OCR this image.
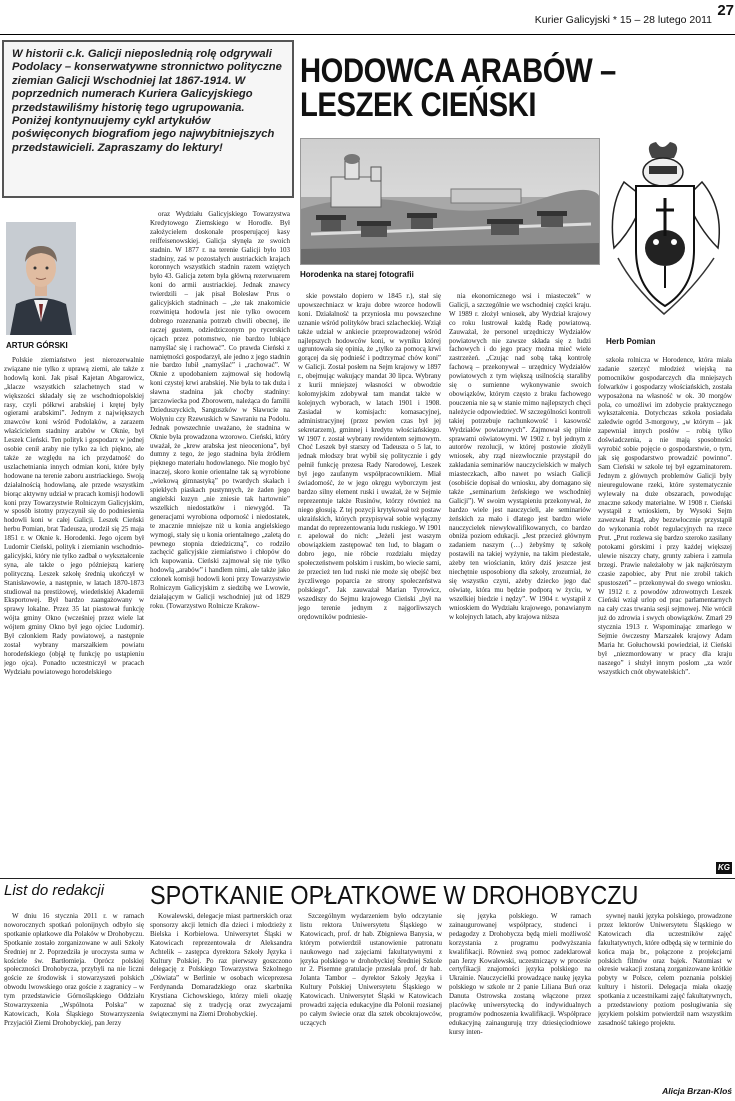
Kurier Galicyjski * 15 – 28 lutego 2011
27
W historii c.k. Galicji nieposlednią rolę odgrywali Podolacy – konserwatywne stronnictwo polityczne ziemian Galicji Wschodniej lat 1867-1914. W poprzednich numerach Kuriera Galicyjskiego przedstawiliśmy historię tego ugrupowania. Poniżej kontynuujemy cykl artykułów poświęconych biografiom jego najwybitniejszych przedstawicieli. Zapraszamy do lektury!
HODOWCA ARABÓW – LESZEK CIEŃSKI
Horodenka na starej fotografii
Herb Pomian
ARTUR GÓRSKI

Polskie ziemiaństwo jest nierozerwalnie związane nie tylko z uprawą ziemi, ale także z hodowlą koni. Jak pisał Kajetan Abgarowicz, „klacze wszystkich szlachetnych stad w większości składały się ze wschodniopolskiej rasy, czyli półkrwi arabskiej i krętej były ogierami arabskimi”. Jednym z największych znawców koni wśród Podolaków, a zarazem właścicielem stadniny arabów w Oknie, był Leszek Cieński. Ten polityk i gospodarz w jednej osobie cenił araby nie tylko za ich piękno, ale także ze względu na ich przydatność do uszlachetniania innych odmian koni, które były hodowane na terenie zaboru austriackiego. Swoją działalnością hodowlaną, ale przede wszystkim biorąc aktywny udział w pracach komisji hodowli koni przy Towarzystwie Rolniczym Galicyjskim, w sposób istotny przyczynił się do podniesienia hodowli koni w całej Galicji. Leszek Cieński herbu Pomian, brat Tadeusza, urodził się 25 maja 1851 r. w Oknie k. Horodenki. Jego ojcem był Ludomir Cieński, polityk i ziemianin wschodnio-galicyjski, który nie tylko zadbał o wykształcenie syna, ale także o jego późniejszą karierę polityczną. Leszek szkołę średnią ukończył w Stanisławowie, a następnie, w latach 1870-1873 studiował na prestiżowej, wiedeńskiej Akademii Eksportowej. Był bardzo zaangażowany w sprawy lokalne. Przez 35 lat piastował funkcję wójta gminy Okno (wcześniej przez wiele lat wójtem gminy Okno był jego ojciec Ludomir). Był członkiem Rady powiatowej, a następnie został wybrany marszałkiem powiatu horodeńskiego (objął tę funkcję po ustąpieniu jego ojca). Ponadto uczestniczył w pracach Wydziału powiatowego horodelskiego

oraz Wydziału Galicyjskiego Towarzystwa Kredytowego Ziemskiego w Horodle. Był założycielem doskonale prosperującej kasy reiffeisenowskiej. Galicja słynęła ze swoich stadnin. W 1877 r. na terenie Galicji było 103 stadniny, zaś w pozostałych austriackich krajach koronnych wszystkich stadnin razem wziętych było 43. Galicja zetem była główną rezerwuarem koni do armii austriackiej. Jednak znawcy twierdzili – jak pisał Bolesław Prus o galicyjskich stadninach – „że tak znakomicie rozwinięta hodowla jest nie tylko owocem dobrego rozeznania potrzeb chwili obecnej, ile raczej gustem, odziedziczonym po rycerskich ojcach przez potomstwo, nie bardzo lubiące namyślać się i rachować”. Co prawda Cieński z namiętności gospodarzył, ale jedno z jego stadnin nie bardzo lubił „namyślać” i „rachować”. W Oknie z upodobaniem zajmował się hodowlą koni czystej krwi arabskiej. Nie była to tak duża i sławna stadnina jak choćby stadniny: jarczowiecka pod Zborowem, należąca do familii Dzieduszyckich, Sanguszków w Sławucie na Wołyniu czy Rzewuskich w Sawraniu na Podolu. Jednak powszechnie uważano, że stadnina w Oknie była prowadzona wzorowo. Cieński, który uważał, że „krew arabska jest nieoceniona”, był dumny z tego, że jego stadnina była źródłem pięknego materiału hodowlanego. Nie mogło być inaczej, skoro konie orientalne tak są wyrobione „wiekową gimnastyką” po twardych skałach i spiekłych piaskach pustynnych, że żaden jego angielski kuzyn „nie zniesie tak hartownie” wszelkich niedostatków i niewygód. Ta generacjami wyrobiona odporność i niedostatek, te znacznie mniejsze niż u konia angielskiego wymogi, stały się u konia orientalnego „zaletą do pewnego stopnia dziedziczną”, co rodziło zachęcić galicyjskie ziemiaństwo i chłopów do ich kupowania. Cieński zajmował się nie tylko hodowlą „arabów” i handlem nimi, ale także jako członek komisji hodowli koni przy Towarzystwie Rolniczym Galicyjskim z siedzibą we Lwowie, działającym w Galicji wschodniej już od 1829 roku. (Towarzystwo Rolnicze Krakow-

skie powstało dopiero w 1845 r.), stał się upowszechniacz w kraju dobre wzorce hodowli koni. Działalność ta przyniosła mu powszechne uznanie wśród polityków braci szlacheckiej. Wziął także udział w ankiecie przeprowadzonej wśród najlepszych hodowców koni, w wyniku której ugruntowała się opinia, że „tylko za pomocą krwi gorącej da się podnieść i podtrzymać chów koni” w Galicji. Został posłem na Sejm krajowy w 1897 r., obejmując wakujący mandat 30 lipca. Wybrany z kurii mniejszej własności w obwodzie kołomyjskim zdobywał tam mandat także w kolejnych wyborach, w latach 1901 i 1908. Zasiadał w komisjach: komasacyjnej, administracyjnej (przez pewien czas był jej sekretarzem), gminnej i kredytu włościańskiego. W 1907 r. został wybrany rewidentem sejmowym. Choć Leszek był starszy od Tadeusza o 5 lat, to jednak młodszy brat wybił się politycznie i gdy pełnił funkcję prezesa Rady Narodowej, Leszek był jego zaufanym współpracownikiem. Miał świadomość, że w jego okręgu wyborczym jest bardzo silny element ruski i uważał, że w Sejmie reprezentuje także Rusinów, którzy również na niego głosują. Z tej pozycji krytykował też postaw ukraińskich, których przypisywał sobie wyłączny mandat do reprezentowania ludu ruskiego. W 1901 r. apelował do nich: „Jeżeli jest waszym obowiązkiem zastępować ten lud, to błagam o dobro jego, nie róbcie rozdziału między społeczeństwem polskim i ruskim, bo wiecie sami, że przecież ten lud ruski nie może się obejść bez życzliwego poparcia ze strony społeczeństwa polskiego”. Jak zauważał Marian Tyrowicz, wszedłszy do Sejmu krajowego Cieński „był na jego terenie jednym z najgorliwszych orędowników podniesie-

nia ekonomicznego wsi i miasteczek” w Galicji, a szczególnie we wschodniej części kraju. W 1989 r. złożył wniosek, aby Wydział krajowy co roku lustrował każdą Radę powiatową. Zauważał, że personel urzędniczy Wydziałów powiatowych nie zawsze składa się z ludzi fachowych i do jego pracy można mieć wiele zastrzeżeń. „Czując nad sobą taką kontrolę fachową – przekonywał – urzędnicy Wydziałów powiatowych z tym większą usilnością staraliby się o sumienne wykonywanie swoich obowiązków, którym często z braku fachowego pouczenia nie są w stanie mimo najlepszych chęci należycie odpowiedzieć. W szczególności kontroli takiej potrzebuje rachunkowość i kasowość Wydziałów powiatowych”. Zajmował się pilnie sprawami oświatowymi. W 1902 r. był jednym z autorów rezolucji, w której postowie złożyli wniosek, aby rząd niezwłocznie przystąpił do zakładania seminariów nauczycielskich w małych miasteczkach, albo nawet po wsiach Galicji (osobiście dopisał do wniosku, aby domagano się także „seminarium żeńskiego we wschodniej Galicji”). W swoim wystąpieniu przekonywał, że bardzo wiele jest nauczycieli, ale seminariów żeńskich za mało i dlatego jest bardzo wiele nauczycielek niewykwalifikowanych, co bardzo obniża poziom edukacji. „Jest przecież głównym zadaniem naszym (…) żebyśmy tę szkołę postawili na takiej wyżynie, na takim piedestale, ażeby ten wiościanin, który dziś jeszcze jest niechętnie usposobiony dla szkoły, zrozumiał, że się wszystko czyni, ażeby dziecko jego dać oświatę, która mu będzie podporą w życiu, w wszelkiej biedzie i nędzy”. W 1904 r. wystąpił z wnioskiem do Wydziału krajowego, ponawianym w kolejnych latach, aby krajowa niższa

szkoła rolnicza w Horodence, która miała zadanie szerzyć młodzież wiejską na pomocników gospodarczych dla mniejszych folwarków i gospodarzy włościańskich, została wyposażona na własność w ok. 30 morgów pola, co umożliwi im zdobycie praktycznego wykształcenia. Dotychczas szkoła posiadała zaledwie ogród 3-morgowy, „w którym – jak zapewniał innych posłów – robią tylko doświadczenia, a nie mają sposobności wyrobić sobie pojęcie o gospodarstwie, o tym, jak się gospodarstwo prowadzić powinno”. Sam Cieński w szkole tej był egzaminatorem. Jednym z głównych problemów Galicji były nieuregulowane rzeki, które systematycznie wylewały na duże obszarach, powodując znaczne szkody materialne. W 1908 r. Cieński wystąpił z wnioskiem, by Wysoki Sejm zawezwał Rząd, aby bezzwłocznie przystąpił do wykonania robót regulacyjnych na rzece Prut. „Prut rozlewa się bardzo szeroko zasilany potokami górskimi i przy każdej większej ulewie niszczy chaty, grunty zabiera i zamula brzegi. Prawie należałoby w jak najkrótszym czasie zapobiec, aby Prut nie zrobił takich spustoszeń” – przekonywał do swego wniosku. W 1912 r. z powodów zdrowotnych Leszek Cieński wziął urlop od prac parlamentarnych na cały czas trwania sesji sejmowej. Nie wrócił już do zdrowia i swych obowiązków. Zmarł 29 stycznia 1913 r. Wspominając zmarłego w Sejmie ówczesny Marszałek krajowy Adam Maria hr. Gołuchowski powiedział, iż Cieński był „niezmordowany w pracy dla kraju naszego” i służył innym posłom „za wzór wszystkich cnót obywatelskich”.

KG
List do redakcji	SPOTKANIE OPŁATKOWE W DROHOBYCZU

W dniu 16 stycznia 2011 r. w ramach noworocznych spotkań polonijnych odbyło się spotkanie opłatkowe dla Polaków w Drohobyczu. Spotkanie zostało zorganizowane w auli Szkoły Średniej nr 2. Poprzedziła je uroczysta suma w kościele św. Bartłomieja. Oprócz polskiej społeczności Drohobycza, przybyli na nie liczni goście ze środowisk i stowarzyszeń polskich obwodu lwowskiego oraz goście z zagranicy – w tym przedstawicie Górnośląskiego Oddziału Stowarzyszenia „Wspólnota Polska” w Katowicach, Koła Śląskiego Stowarzyszenia Przyjaciół Ziemi Drohobyckiej, pan Jerzy

Kowalewski, delegacje miast partnerskich oraz sponsorzy akcji letnich dla dzieci i młodzieży z Bielska i Korbielowa. Uniwersytet Śląski w Katowicach reprezentowała dr Aleksandra Achtelik – zastępca dyrektora Szkoły Języka i Kultury Polskiej. Po raz pierwszy goszczono delegację z Polskiego Towarzystwa Szkolnego „Oświata” w Berlinie w osobach wiceprezesa Ferdynanda Domaradzkiego oraz skarbnika Krystiana Cichowskiego, którzy mieli okazję zapoznać się z tradycją oraz zwyczajami świątecznymi na Ziemi Drohobyckiej.

Szczególnym wydarzeniem było odczytanie listu rektora Uniwersytetu Śląskiego w Katowicach, prof. dr hab. Zbigniewa Banysia, w którym potwierdził ustanowienie patronatu naukowego nad zajęciami fakultatywnymi z języka polskiego w drohobyckiej Średniej Szkole nr 2. Pisemne gratulacje przesłała prof. dr hab. Jolanta Tambor – dyrektor Szkoły Języka i Kultury Polskiej Uniwersytetu Śląskiego w Katowicach. Uniwersytet Śląski w Katowicach prowadzi zajęcia edukacyjne dla Polonii rozsianej po całym świecie oraz dla sztek obcokrajowców, uczących

się języka polskiego. W ramach zainaugurowanej współpracy, studenci i pedagodzy z Drohobycza będą mieli możliwość korzystania z programu podwyższania kwalifikacji. Również swą pomoc zadeklarował pan Jerzy Kowalewski, uczestniczący w procesie certyfikacji znajomości języka polskiego na Ukrainie. Nauczycielki prowadzące naukę języka polskiego w szkole nr 2 panie Liliana Buń oraz Danuta Ostrowska zostaną włączone przez placówkę uniwersytecką do indywidualnych programów podnoszenia kwalifikacji. Współprace edukacyjną zainaugurują trzy dziesięciodniowe kursy inten-

sywnej nauki języka polskiego, prowadzone przez lektorów Uniwersytetu Śląskiego w Katowicach dla uczestników zajęć fakultatywnych, które odbędą się w terminie do końca maja br., połączone z projekcjami polskich filmów oraz bajek. Natomiast w okresie wakacji zostaną zorganizowane krótkie pobyty w Polsce, celem poznania polskiej kultury i historii. Delegacja miała okazję spotkania z uczestnikami zajęć fakultatywnych, a przedstawiony poziom posługiwania się językiem polskim potwierdził nam wszystkim zasadność takiego projektu.

Alicja Brzan-Kloś
